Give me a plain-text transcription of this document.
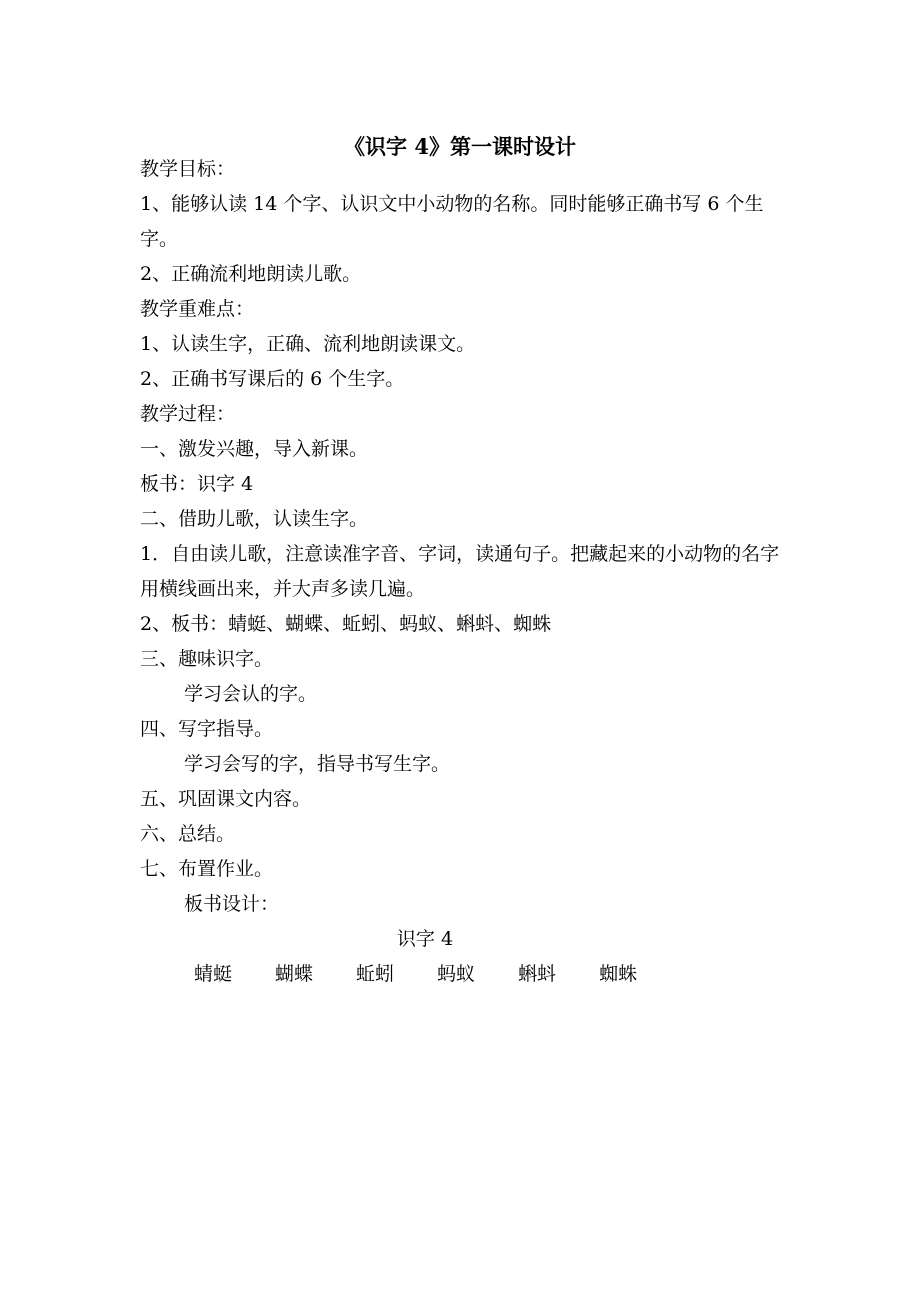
《识字 4》第一课时设计

教学目标：

1、能够认读 14 个字、认识文中小动物的名称。同时能够正确书写 6 个生字。

2、正确流利地朗读儿歌。

教学重难点：

1、认读生字，正确、流利地朗读课文。

2、正确书写课后的 6 个生字。

教学过程：

一、激发兴趣，导入新课。

板书：识字 4

二、借助儿歌，认读生字。

1．自由读儿歌，注意读准字音、字词，读通句子。把藏起来的小动物的名字用横线画出来，并大声多读几遍。

2、板书：蜻蜓、蝴蝶、蚯蚓、蚂蚁、蝌蚪、蜘蛛

三、趣味识字。

学习会认的字。

四、写字指导。

学习会写的字，指导书写生字。

五、巩固课文内容。

六、总结。

七、布置作业。

板书设计：

识字 4

蜻蜓 蝴蝶 蚯蚓 蚂蚁 蝌蚪 蜘蛛
